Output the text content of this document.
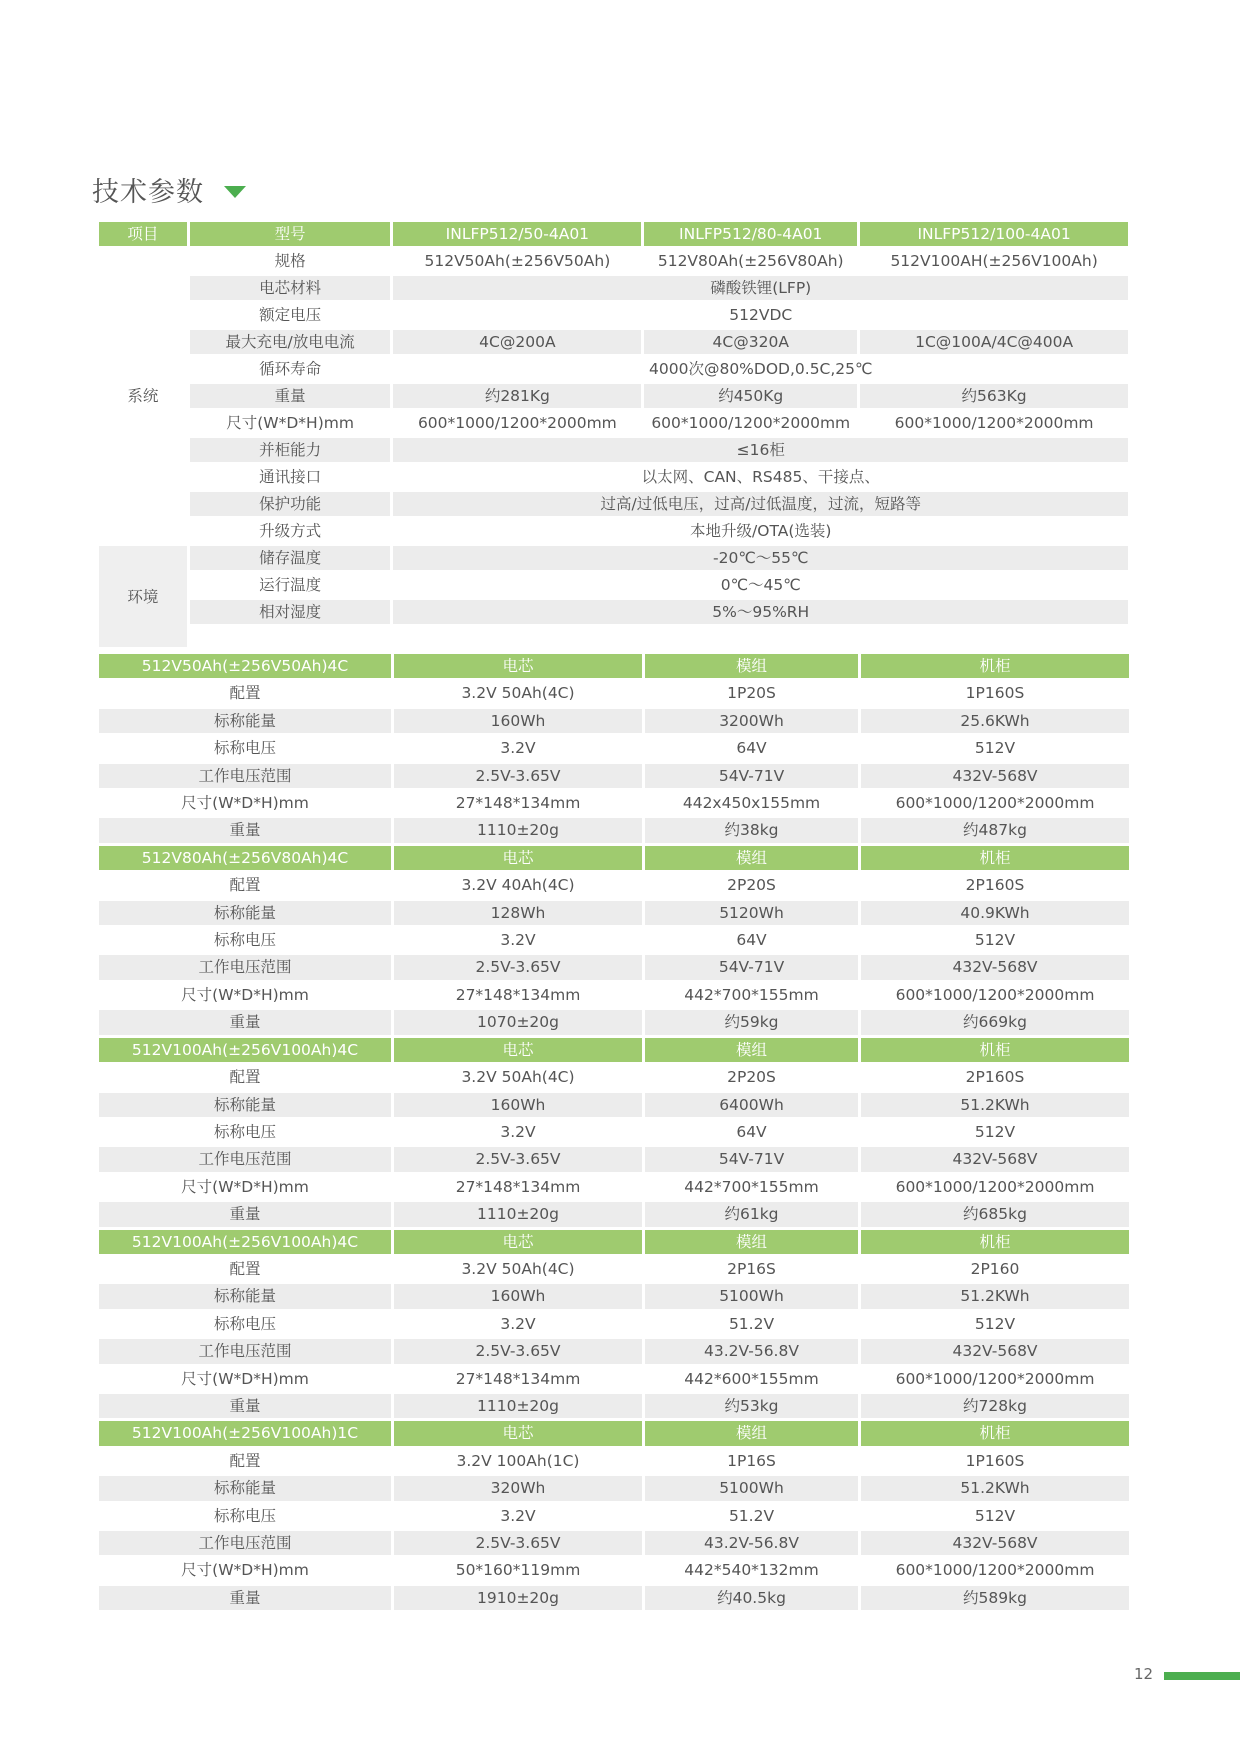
技术参数
项目	型号	INLFP512/50-4A01	INLFP512/80-4A01	INLFP512/100-4A01
系统	规格	512V50Ah(±256V50Ah)	512V80Ah(±256V80Ah)	512V100AH(±256V100Ah)
	电芯材料	磷酸铁锂(LFP)		
	额定电压	512VDC		
	最大充电/放电电流	4C@200A	4C@320A	1C@100A/4C@400A
	循环寿命	4000次@80%DOD,0.5C,25℃		
	重量	约281Kg	约450Kg	约563Kg
	尺寸(W*D*H)mm	600*1000/1200*2000mm	600*1000/1200*2000mm	600*1000/1200*2000mm
	并柜能力	≤16柜		
	通讯接口	以太网、CAN、RS485、干接点、		
	保护功能	过高/过低电压，过高/过低温度，过流，短路等		
	升级方式	本地升级/OTA(选装)		
环境	储存温度	-20℃～55℃		
	运行温度	0℃～45℃		
	相对湿度	5%～95%RH		

512V50Ah(±256V50Ah)4C	电芯	模组	机柜
配置	3.2V 50Ah(4C)	1P20S	1P160S
标称能量	160Wh	3200Wh	25.6KWh
标称电压	3.2V	64V	512V
工作电压范围	2.5V-3.65V	54V-71V	432V-568V
尺寸(W*D*H)mm	27*148*134mm	442x450x155mm	600*1000/1200*2000mm
重量	1110±20g	约38kg	约487kg
512V80Ah(±256V80Ah)4C	电芯	模组	机柜
配置	3.2V 40Ah(4C)	2P20S	2P160S
标称能量	128Wh	5120Wh	40.9KWh
标称电压	3.2V	64V	512V
工作电压范围	2.5V-3.65V	54V-71V	432V-568V
尺寸(W*D*H)mm	27*148*134mm	442*700*155mm	600*1000/1200*2000mm
重量	1070±20g	约59kg	约669kg
512V100Ah(±256V100Ah)4C	电芯	模组	机柜
配置	3.2V 50Ah(4C)	2P20S	2P160S
标称能量	160Wh	6400Wh	51.2KWh
标称电压	3.2V	64V	512V
工作电压范围	2.5V-3.65V	54V-71V	432V-568V
尺寸(W*D*H)mm	27*148*134mm	442*700*155mm	600*1000/1200*2000mm
重量	1110±20g	约61kg	约685kg
512V100Ah(±256V100Ah)4C	电芯	模组	机柜
配置	3.2V 50Ah(4C)	2P16S	2P160
标称能量	160Wh	5100Wh	51.2KWh
标称电压	3.2V	51.2V	512V
工作电压范围	2.5V-3.65V	43.2V-56.8V	432V-568V
尺寸(W*D*H)mm	27*148*134mm	442*600*155mm	600*1000/1200*2000mm
重量	1110±20g	约53kg	约728kg
512V100Ah(±256V100Ah)1C	电芯	模组	机柜
配置	3.2V 100Ah(1C)	1P16S	1P160S
标称能量	320Wh	5100Wh	51.2KWh
标称电压	3.2V	51.2V	512V
工作电压范围	2.5V-3.65V	43.2V-56.8V	432V-568V
尺寸(W*D*H)mm	50*160*119mm	442*540*132mm	600*1000/1200*2000mm
重量	1910±20g	约40.5kg	约589kg
12
